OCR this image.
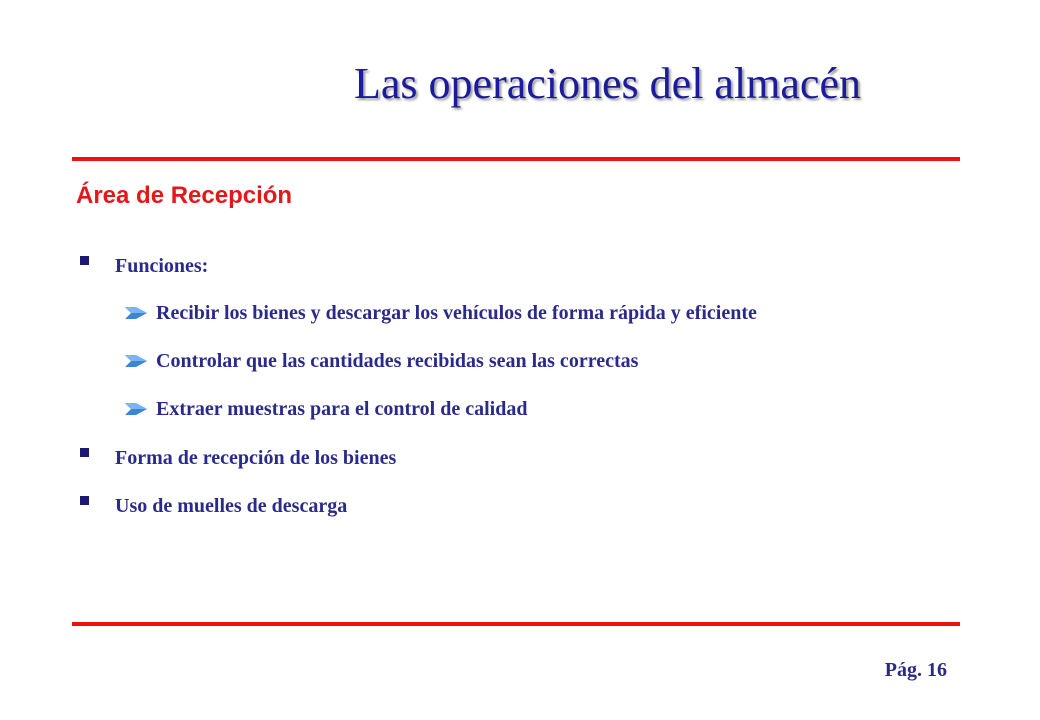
Las operaciones del almacén
Área de Recepción
Funciones:
Recibir los bienes y descargar los vehículos de forma rápida y eficiente
Controlar que las cantidades recibidas sean las correctas
Extraer muestras para el control de calidad
Forma de recepción de los bienes
Uso de muelles de descarga
Pág. 16
